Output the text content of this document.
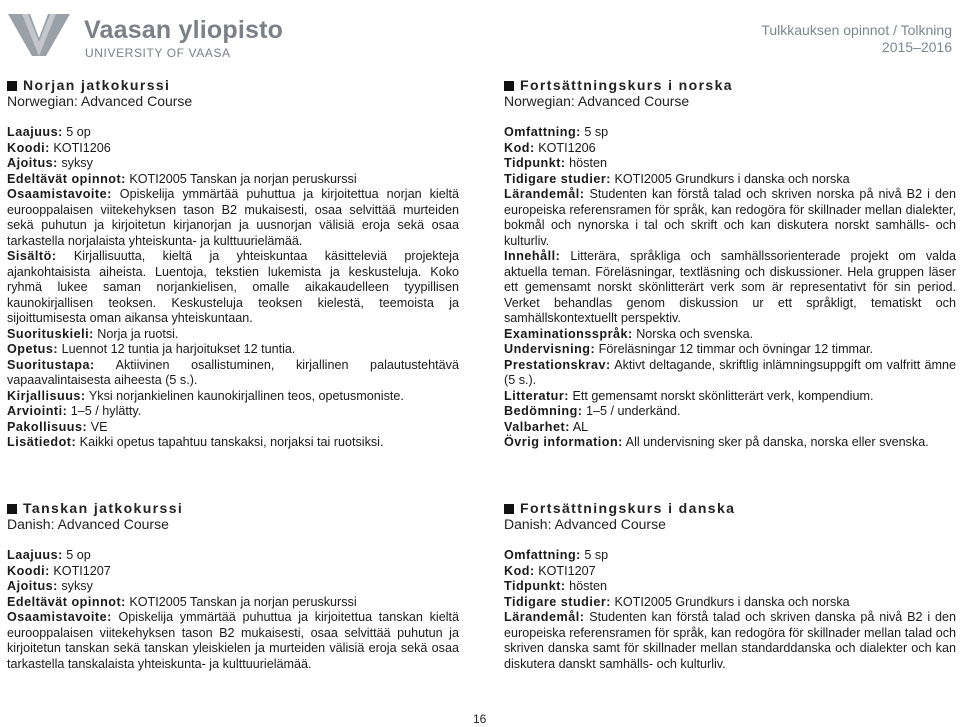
Vaasan yliopisto
UNIVERSITY OF VAASA
Tulkkauksen opinnot / Tolkning
2015–2016
Norjan jatkokurssi
Norwegian: Advanced Course

Laajuus: 5 op

Koodi: KOTI1206

Ajoitus: syksy

Edeltävät opinnot: KOTI2005 Tanskan ja norjan peruskurssi

Osaamistavoite: Opiskelija ymmärtää puhuttua ja kirjoitettua norjan kieltä eurooppalaisen viitekehyksen tason B2 mukaisesti, osaa selvittää murteiden sekä puhutun ja kirjoitetun kirjanorjan ja uusnorjan välisiä eroja sekä osaa tarkastella norjalaista yhteiskunta- ja kulttuurielämää.

Sisältö: Kirjallisuutta, kieltä ja yhteiskuntaa käsitteleviä projekteja ajankohtaisista aiheista. Luentoja, tekstien lukemista ja keskusteluja. Koko ryhmä lukee saman norjankielisen, omalle aikakaudelleen tyypillisen kaunokirjallisen teoksen. Keskusteluja teoksen kielestä, teemoista ja sijoittumisesta oman aikansa yhteiskuntaan.

Suorituskieli: Norja ja ruotsi.

Opetus: Luennot 12 tuntia ja harjoitukset 12 tuntia.

Suoritustapa: Aktiivinen osallistuminen, kirjallinen palautustehtävä vapaavalintaisesta aiheesta (5 s.).

Kirjallisuus: Yksi norjankielinen kaunokirjallinen teos, opetusmoniste.

Arviointi: 1–5 / hylätty.

Pakollisuus: VE

Lisätiedot: Kaikki opetus tapahtuu tanskaksi, norjaksi tai ruotsiksi.

Fortsättningskurs i norska
Norwegian: Advanced Course

Omfattning: 5 sp

Kod: KOTI1206

Tidpunkt: hösten

Tidigare studier: KOTI2005 Grundkurs i danska och norska

Lärandemål: Studenten kan förstå talad och skriven norska på nivå B2 i den europeiska referensramen för språk, kan redogöra för skillnader mellan dialekter, bokmål och nynorska i tal och skrift och kan diskutera norskt samhälls- och kulturliv.

Innehåll: Litterära, språkliga och samhällssorienterade projekt om valda aktuella teman. Föreläsningar, textläsning och diskussioner. Hela gruppen läser ett gemensamt norskt skönlitterärt verk som är representativt för sin period. Verket behandlas genom diskussion ur ett språkligt, tematiskt och samhällskontextuellt perspektiv.

Examinationsspråk: Norska och svenska.

Undervisning: Föreläsningar 12 timmar och övningar 12 timmar.

Prestationskrav: Aktivt deltagande, skriftlig inlämningsuppgift om valfritt ämne (5 s.).

Litteratur: Ett gemensamt norskt skönlitterärt verk, kompendium.

Bedömning: 1–5 / underkänd.

Valbarhet: AL

Övrig information: All undervisning sker på danska, norska eller svenska.

Tanskan jatkokurssi
Danish: Advanced Course

Laajuus: 5 op

Koodi: KOTI1207

Ajoitus: syksy

Edeltävät opinnot: KOTI2005 Tanskan ja norjan peruskurssi

Osaamistavoite: Opiskelija ymmärtää puhuttua ja kirjoitettua tanskan kieltä eurooppalaisen viitekehyksen tason B2 mukaisesti, osaa selvittää puhutun ja kirjoitetun tanskan sekä tanskan yleiskielen ja murteiden välisiä eroja sekä osaa tarkastella tanskalaista yhteiskunta- ja kulttuurielämää.

Fortsättningskurs i danska
Danish: Advanced Course

Omfattning: 5 sp

Kod: KOTI1207

Tidpunkt: hösten

Tidigare studier: KOTI2005 Grundkurs i danska och norska

Lärandemål: Studenten kan förstå talad och skriven danska på nivå B2 i den europeiska referensramen för språk, kan redogöra för skillnader mellan talad och skriven danska samt för skillnader mellan standarddanska och dialekter och kan diskutera danskt samhälls- och kulturliv.

16
